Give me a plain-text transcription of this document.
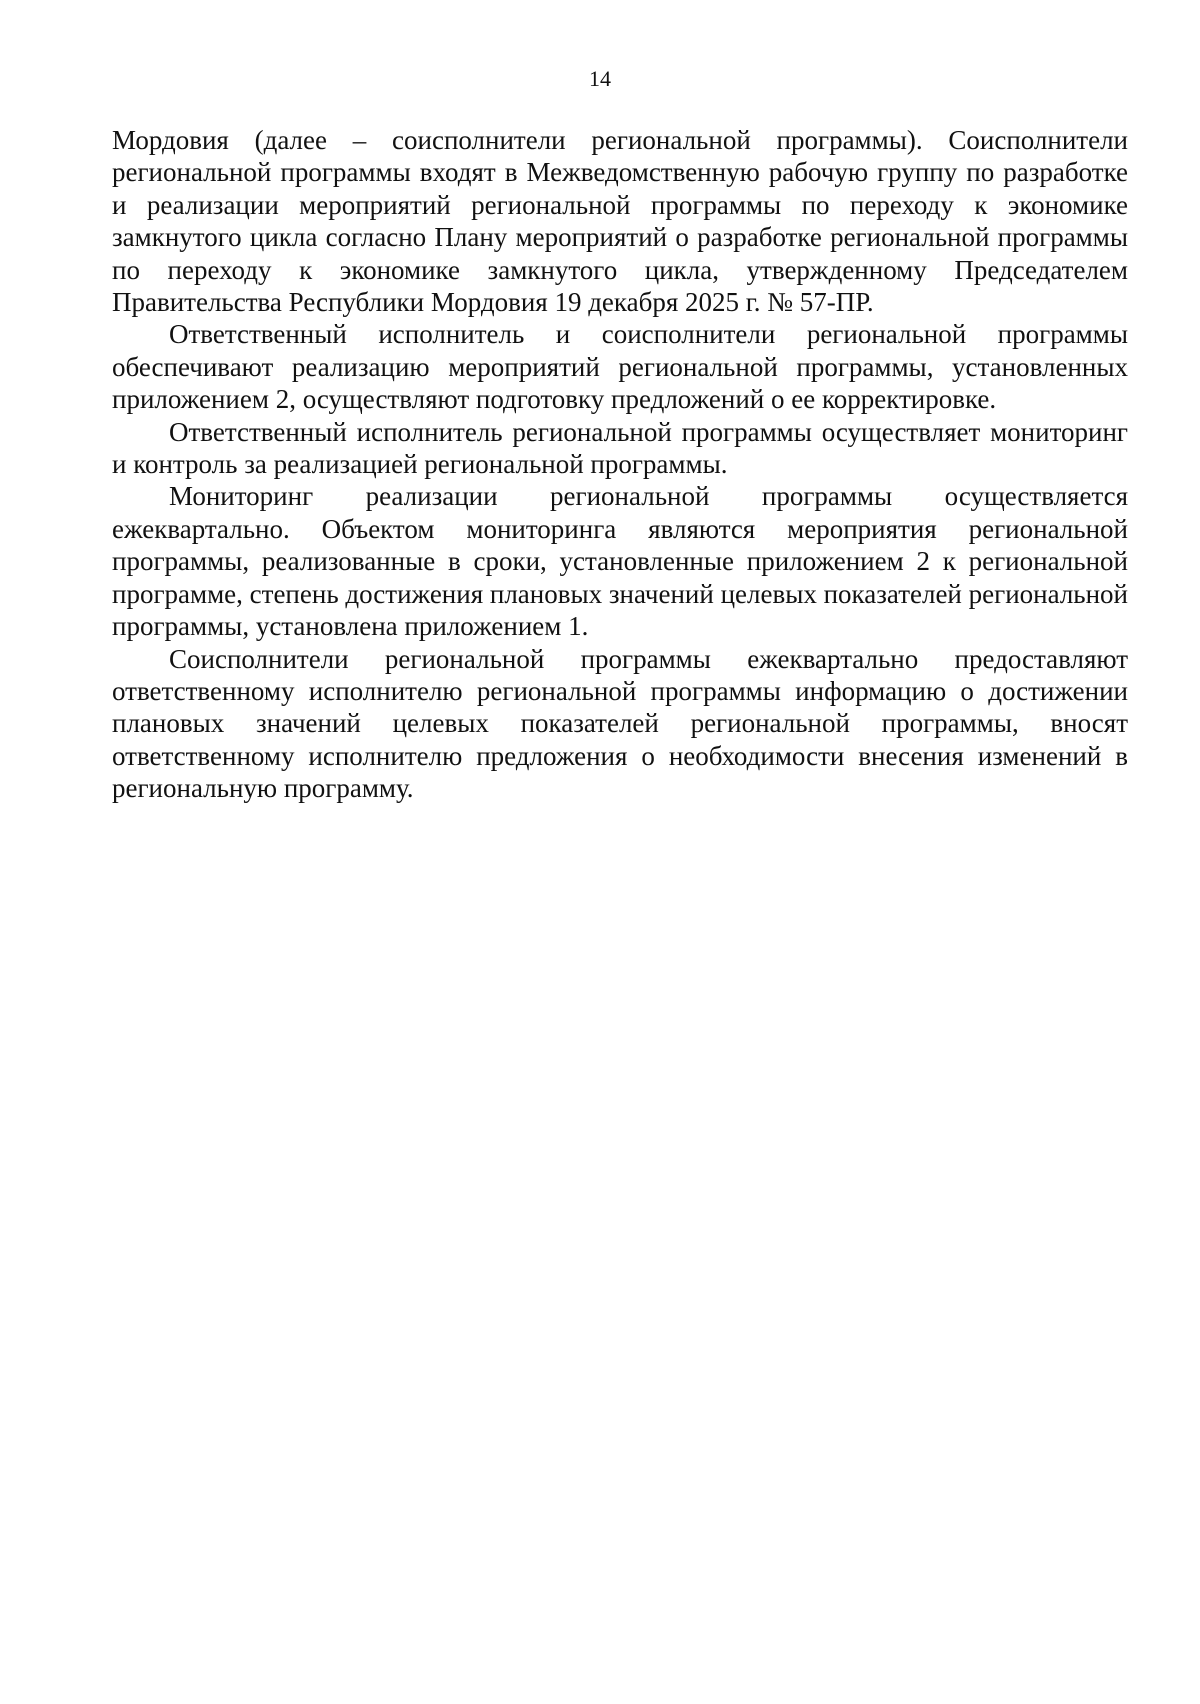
14

Мордовия (далее – соисполнители региональной программы). Соисполнители региональной программы входят в Межведомственную рабочую группу по разработке и реализации мероприятий региональной программы по переходу к экономике замкнутого цикла согласно Плану мероприятий о разработке региональной программы по переходу к экономике замкнутого цикла, утвержденному Председателем Правительства Республики Мордовия 19 декабря 2025 г. № 57-ПР.

Ответственный исполнитель и соисполнители региональной программы обеспечивают реализацию мероприятий региональной программы, установленных приложением 2, осуществляют подготовку предложений о ее корректировке.

Ответственный исполнитель региональной программы осуществляет мониторинг и контроль за реализацией региональной программы.

Мониторинг реализации региональной программы осуществляется ежеквартально. Объектом мониторинга являются мероприятия региональной программы, реализованные в сроки, установленные приложением 2 к региональной программе, степень достижения плановых значений целевых показателей региональной программы, установлена приложением 1.

Соисполнители региональной программы ежеквартально предоставляют ответственному исполнителю региональной программы информацию о достижении плановых значений целевых показателей региональной программы, вносят ответственному исполнителю предложения о необходимости внесения изменений в региональную программу.
